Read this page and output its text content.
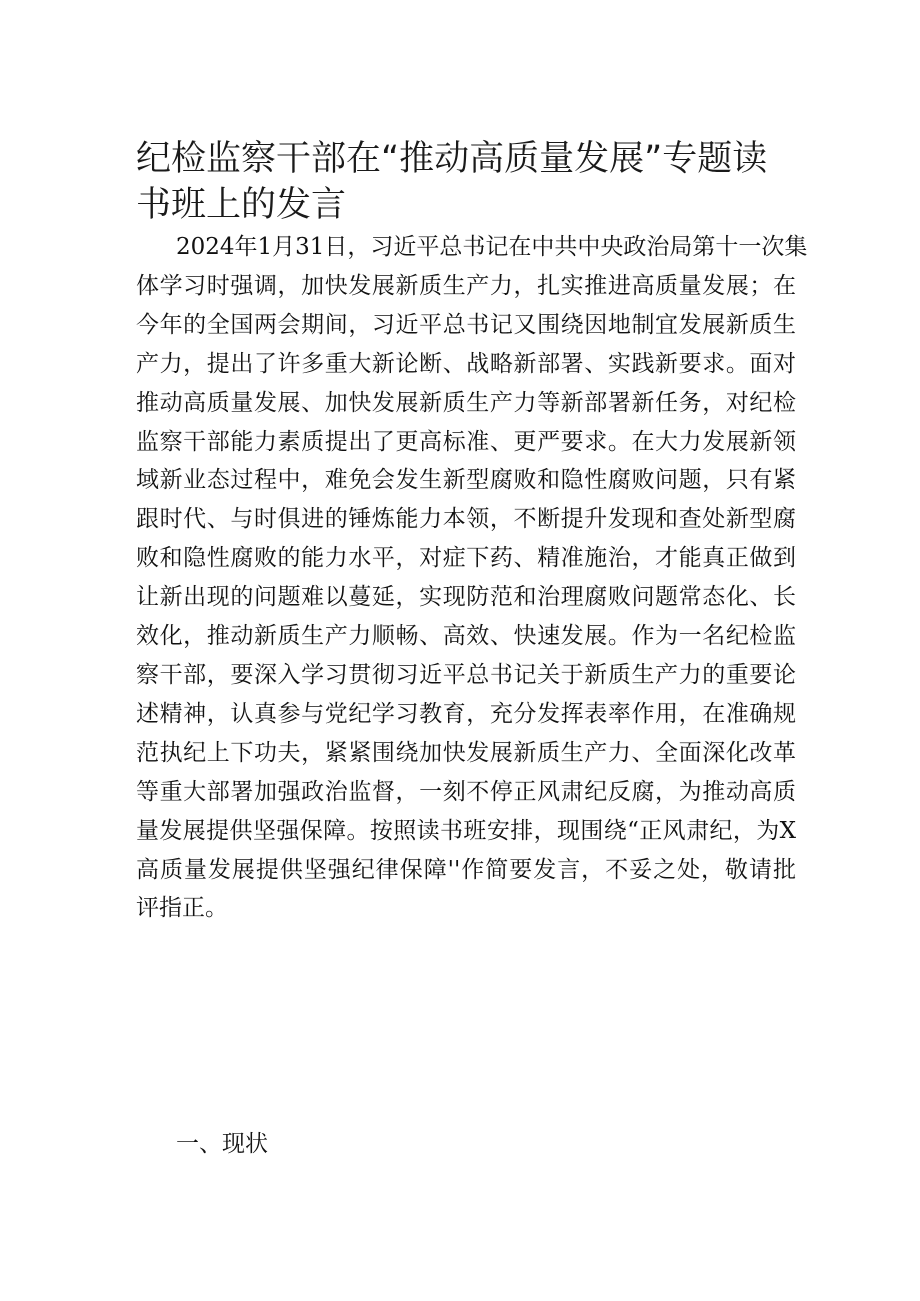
纪检监察干部在“推动高质量发展”专题读
书班上的发言
2024年1月31日，习近平总书记在中共中央政治局第十一次集
体学习时强调，加快发展新质生产力，扎实推进高质量发展；在
今年的全国两会期间，习近平总书记又围绕因地制宜发展新质生
产力，提出了许多重大新论断、战略新部署、实践新要求。面对
推动高质量发展、加快发展新质生产力等新部署新任务，对纪检
监察干部能力素质提出了更高标准、更严要求。在大力发展新领
域新业态过程中，难免会发生新型腐败和隐性腐败问题，只有紧
跟时代、与时俱进的锤炼能力本领，不断提升发现和查处新型腐
败和隐性腐败的能力水平，对症下药、精准施治，才能真正做到
让新出现的问题难以蔓延，实现防范和治理腐败问题常态化、长
效化，推动新质生产力顺畅、高效、快速发展。作为一名纪检监
察干部，要深入学习贯彻习近平总书记关于新质生产力的重要论
述精神，认真参与党纪学习教育，充分发挥表率作用，在准确规
范执纪上下功夫，紧紧围绕加快发展新质生产力、全面深化改革
等重大部署加强政治监督，一刻不停正风肃纪反腐，为推动高质
量发展提供坚强保障。按照读书班安排，现围绕“正风肃纪，为X
高质量发展提供坚强纪律保障''作简要发言，不妥之处，敬请批
评指正。
一、现状
